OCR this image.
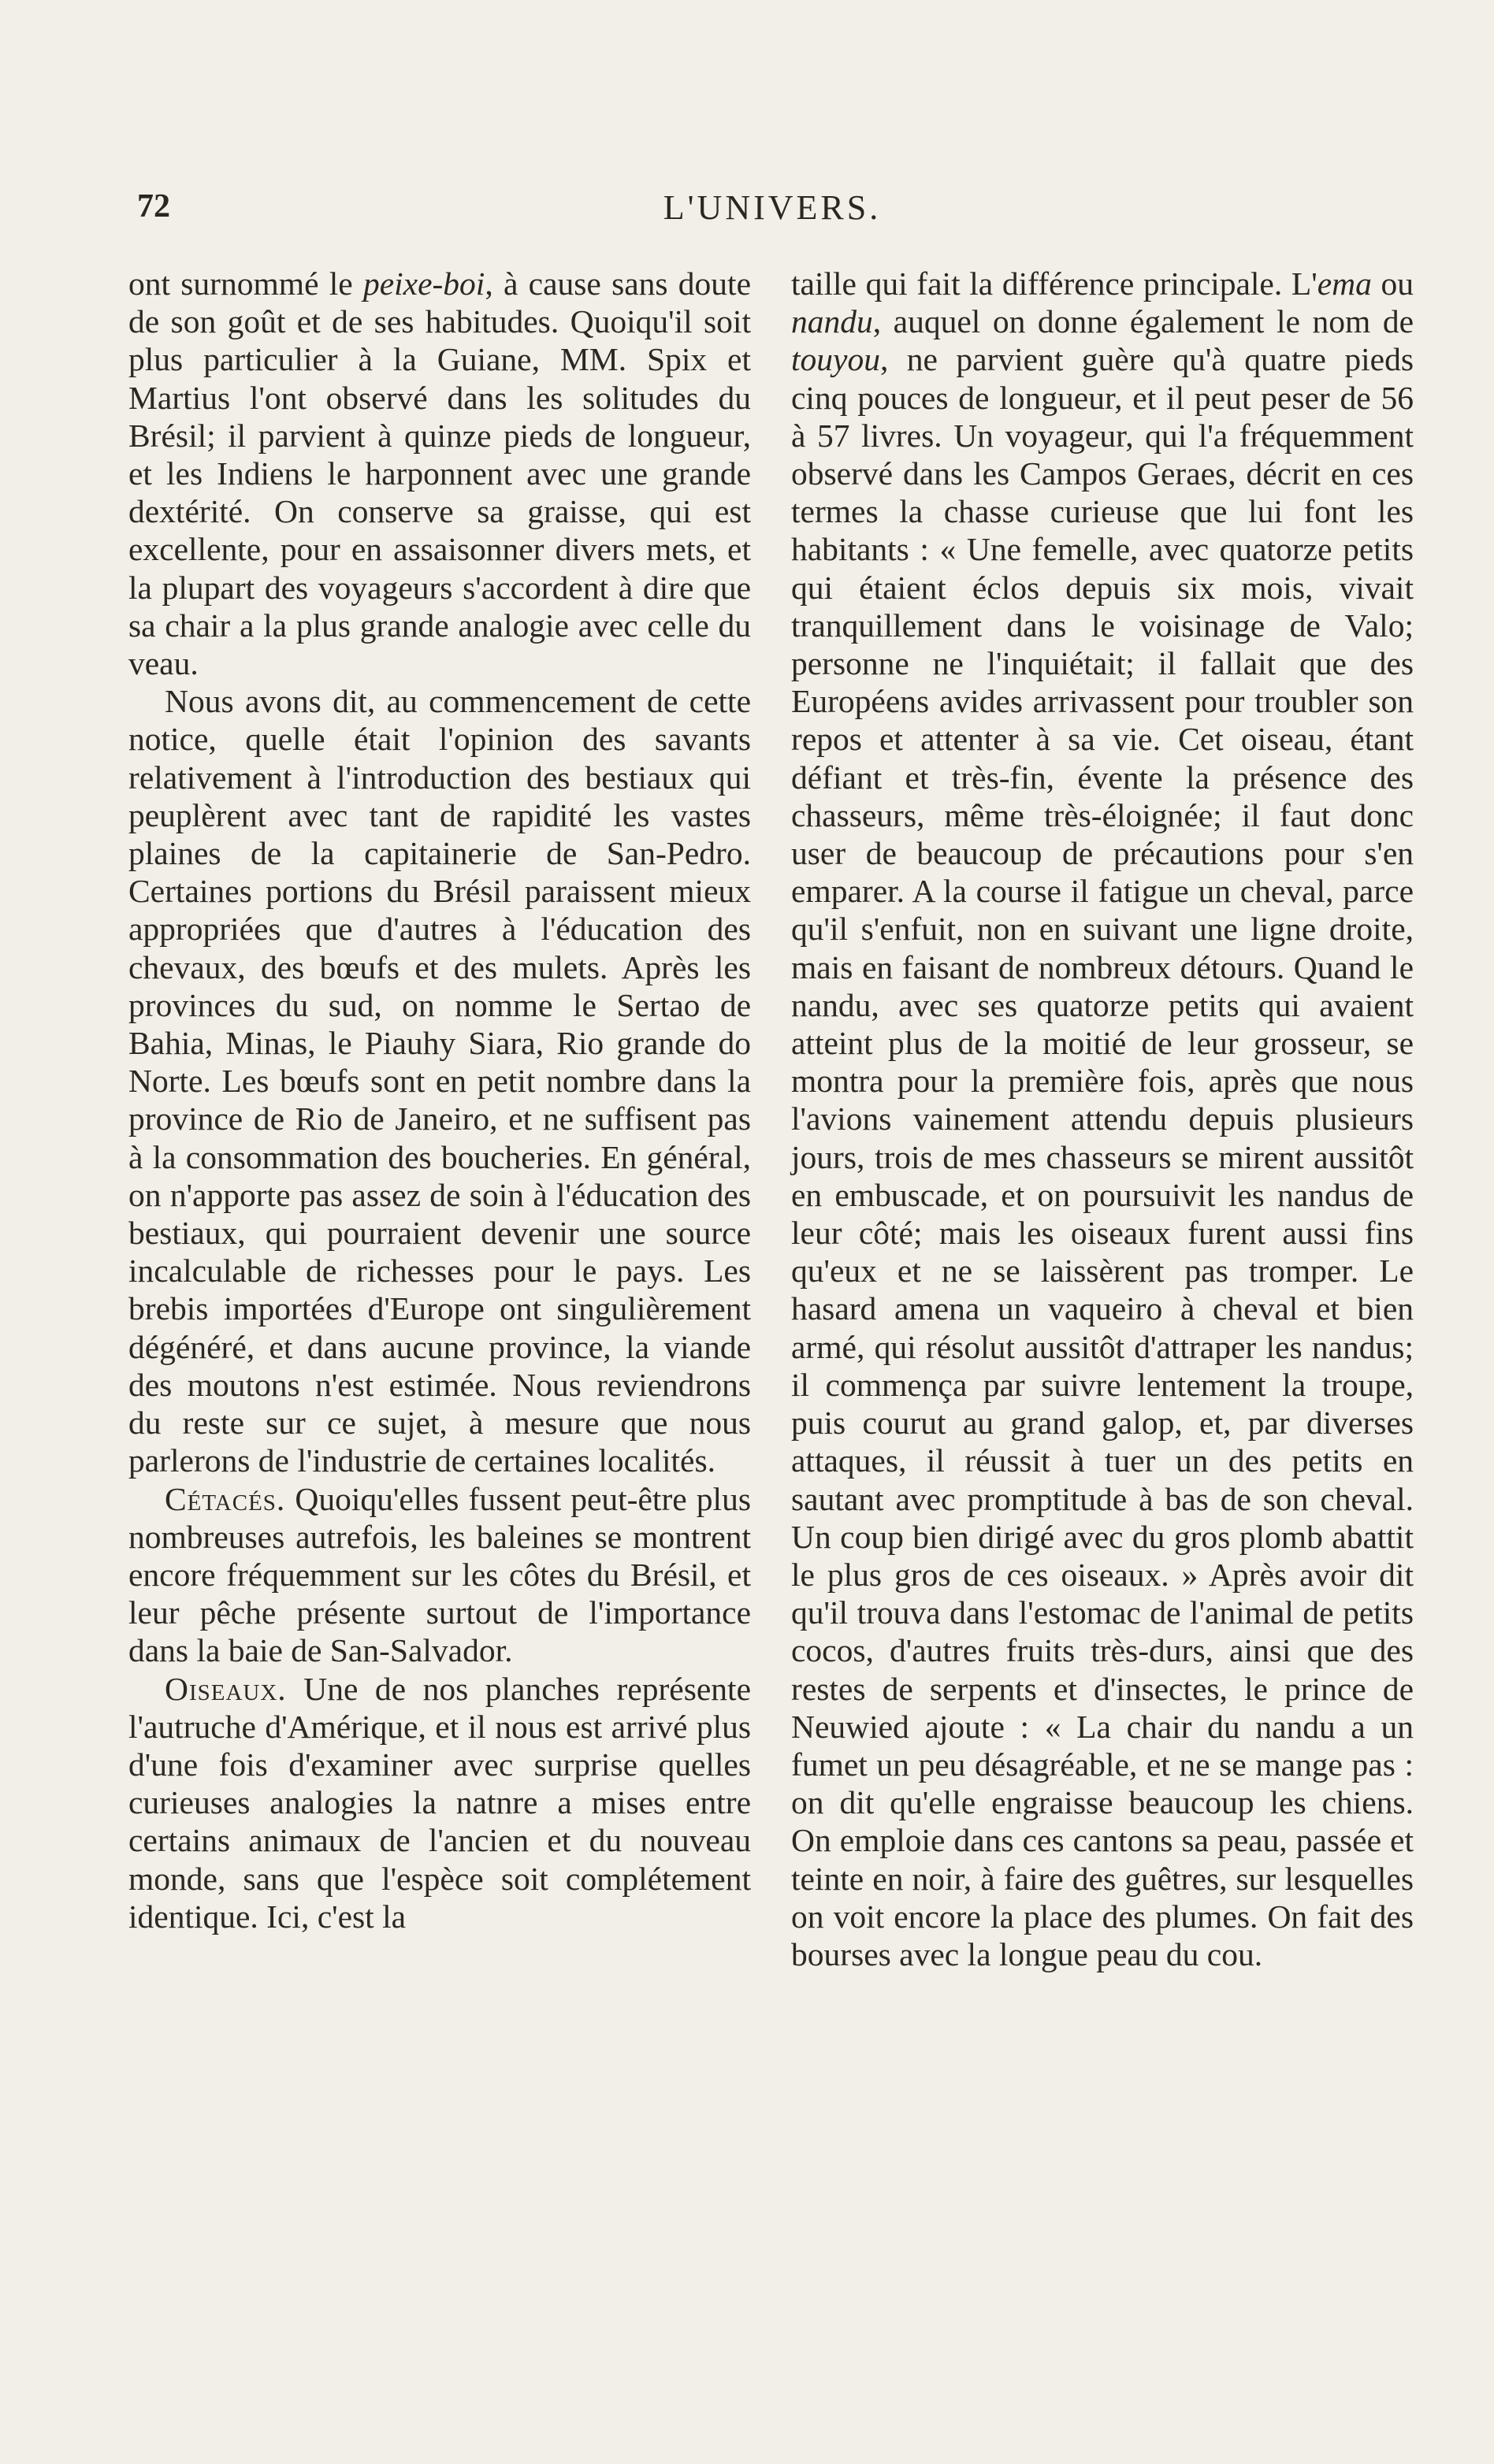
72	L'UNIVERS.

ont surnommé le peixe-boi, à cause sans doute de son goût et de ses habitudes. Quoiqu'il soit plus particulier à la Guiane, MM. Spix et Martius l'ont observé dans les solitudes du Brésil; il parvient à quinze pieds de longueur, et les Indiens le harponnent avec une grande dextérité. On conserve sa graisse, qui est excellente, pour en assaisonner divers mets, et la plupart des voyageurs s'accordent à dire que sa chair a la plus grande analogie avec celle du veau.

Nous avons dit, au commencement de cette notice, quelle était l'opinion des savants relativement à l'introduction des bestiaux qui peuplèrent avec tant de rapidité les vastes plaines de la capitainerie de San-Pedro. Certaines portions du Brésil paraissent mieux appropriées que d'autres à l'éducation des chevaux, des bœufs et des mulets. Après les provinces du sud, on nomme le Sertao de Bahia, Minas, le Piauhy Siara, Rio grande do Norte. Les bœufs sont en petit nombre dans la province de Rio de Janeiro, et ne suffisent pas à la consommation des boucheries. En général, on n'apporte pas assez de soin à l'éducation des bestiaux, qui pourraient devenir une source incalculable de richesses pour le pays. Les brebis importées d'Europe ont singulièrement dégénéré, et dans aucune province, la viande des moutons n'est estimée. Nous reviendrons du reste sur ce sujet, à mesure que nous parlerons de l'industrie de certaines localités.

Cétacés. Quoiqu'elles fussent peut-être plus nombreuses autrefois, les baleines se montrent encore fréquemment sur les côtes du Brésil, et leur pêche présente surtout de l'importance dans la baie de San-Salvador.

Oiseaux. Une de nos planches représente l'autruche d'Amérique, et il nous est arrivé plus d'une fois d'examiner avec surprise quelles curieuses analogies la natnre a mises entre certains animaux de l'ancien et du nouveau monde, sans que l'espèce soit complétement identique. Ici, c'est la

taille qui fait la différence principale. L'ema ou nandu, auquel on donne également le nom de touyou, ne parvient guère qu'à quatre pieds cinq pouces de longueur, et il peut peser de 56 à 57 livres. Un voyageur, qui l'a fréquemment observé dans les Campos Geraes, décrit en ces termes la chasse curieuse que lui font les habitants : « Une femelle, avec quatorze petits qui étaient éclos depuis six mois, vivait tranquillement dans le voisinage de Valo; personne ne l'inquiétait; il fallait que des Européens avides arrivassent pour troubler son repos et attenter à sa vie. Cet oiseau, étant défiant et très-fin, évente la présence des chasseurs, même très-éloignée; il faut donc user de beaucoup de précautions pour s'en emparer. A la course il fatigue un cheval, parce qu'il s'enfuit, non en suivant une ligne droite, mais en faisant de nombreux détours. Quand le nandu, avec ses quatorze petits qui avaient atteint plus de la moitié de leur grosseur, se montra pour la première fois, après que nous l'avions vainement attendu depuis plusieurs jours, trois de mes chasseurs se mirent aussitôt en embuscade, et on poursuivit les nandus de leur côté; mais les oiseaux furent aussi fins qu'eux et ne se laissèrent pas tromper. Le hasard amena un vaqueiro à cheval et bien armé, qui résolut aussitôt d'attraper les nandus; il commença par suivre lentement la troupe, puis courut au grand galop, et, par diverses attaques, il réussit à tuer un des petits en sautant avec promptitude à bas de son cheval. Un coup bien dirigé avec du gros plomb abattit le plus gros de ces oiseaux. » Après avoir dit qu'il trouva dans l'estomac de l'animal de petits cocos, d'autres fruits très-durs, ainsi que des restes de serpents et d'insectes, le prince de Neuwied ajoute : « La chair du nandu a un fumet un peu désagréable, et ne se mange pas : on dit qu'elle engraisse beaucoup les chiens. On emploie dans ces cantons sa peau, passée et teinte en noir, à faire des guêtres, sur lesquelles on voit encore la place des plumes. On fait des bourses avec la longue peau du cou.
